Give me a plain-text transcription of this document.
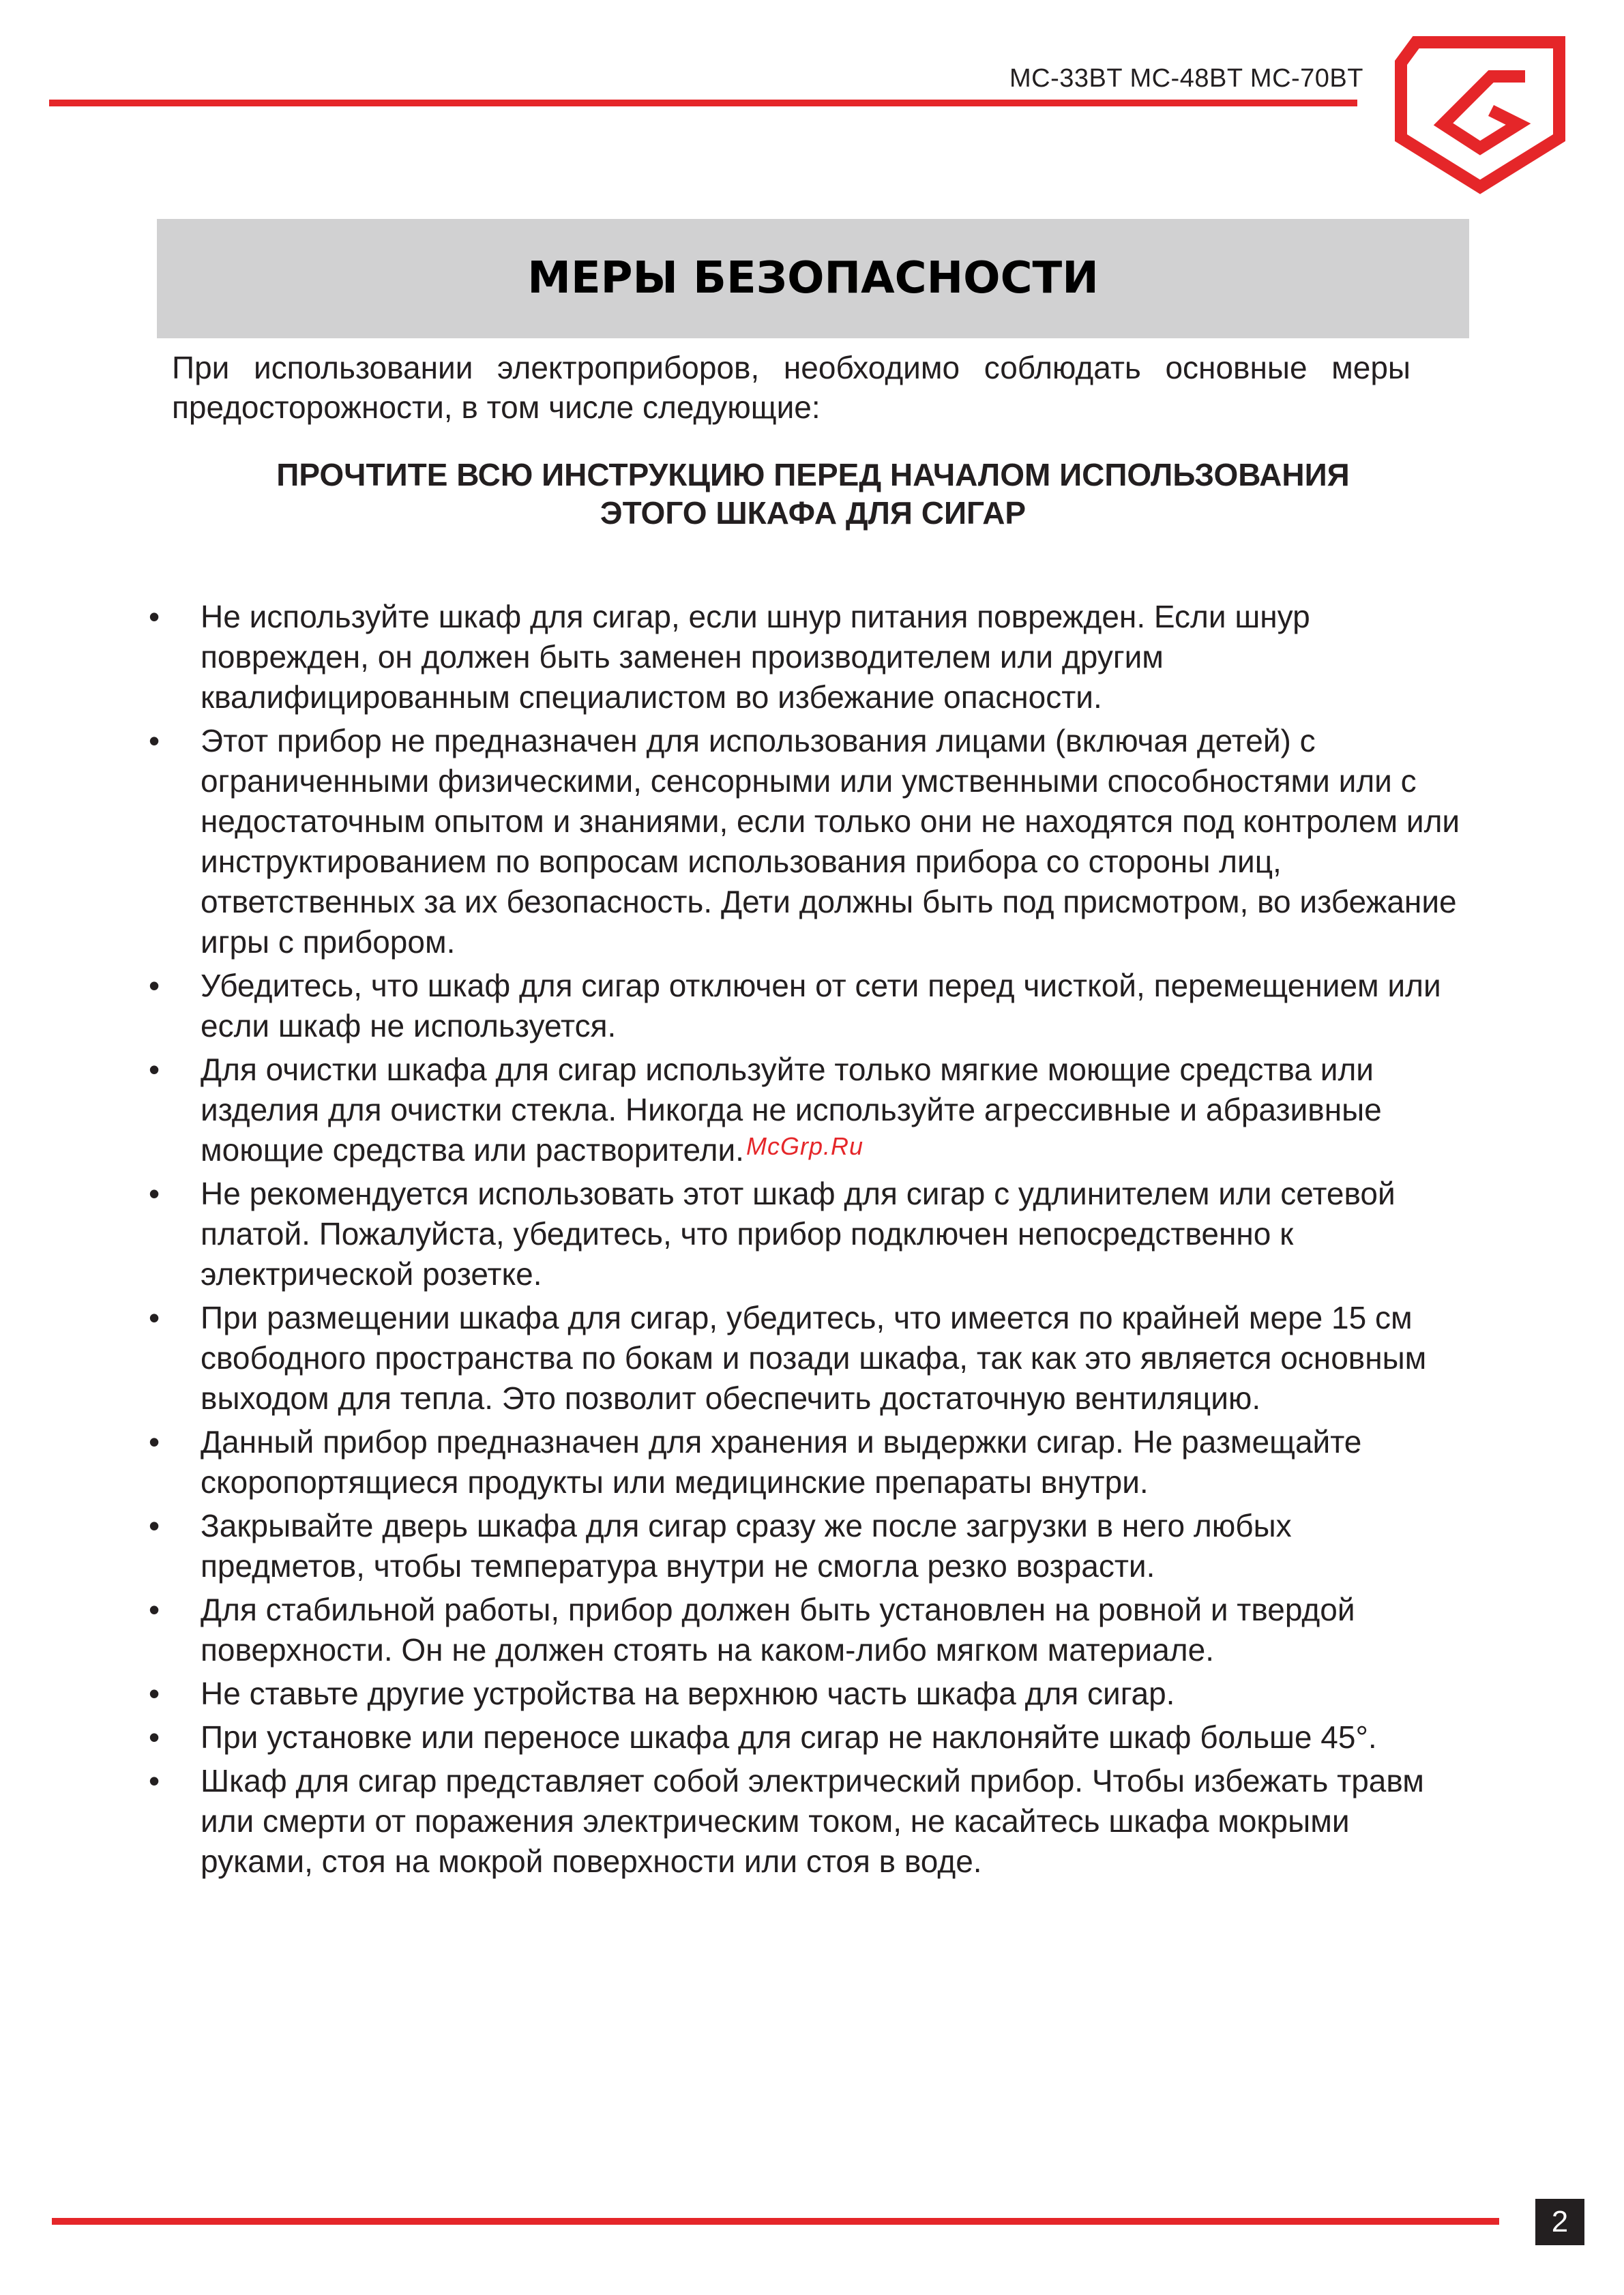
MC-33BT MC-48BT MC-70BT
МЕРЫ БЕЗОПАСНОСТИ
При использовании электроприборов, необходимо соблюдать основные меры предосторожности, в том числе следующие:
ПРОЧТИТЕ ВСЮ ИНСТРУКЦИЮ ПЕРЕД НАЧАЛОМ ИСПОЛЬЗОВАНИЯ
ЭТОГО ШКАФА ДЛЯ СИГАР
• Не используйте шкаф для сигар, если шнур питания поврежден. Если шнур поврежден, он должен быть заменен производителем или другим квалифицированным специалистом во избежание опасности.
• Этот прибор не предназначен для использования лицами (включая детей) с ограниченными физическими, сенсорными или умственными способностями или с недостаточным опытом и знаниями, если только они не находятся под контролем или инструктированием по вопросам использования прибора со стороны лиц, ответственных за их безопасность. Дети должны быть под присмотром, во избежание игры с прибором.
• Убедитесь, что шкаф для сигар отключен от сети перед чисткой, перемещением или если шкаф не используется.
• Для очистки шкафа для сигар используйте только мягкие моющие средства или изделия для очистки стекла. Никогда не используйте агрессивные и абразивные моющие средства или растворители.
• Не рекомендуется использовать этот шкаф для сигар с удлинителем или сетевой платой. Пожалуйста, убедитесь, что прибор подключен непосредственно к электрической розетке.
• При размещении шкафа для сигар, убедитесь, что имеется по крайней мере 15 см свободного пространства по бокам и позади шкафа, так как это является основным выходом для тепла. Это позволит обеспечить достаточную вентиляцию.
• Данный прибор предназначен для хранения и выдержки сигар. Не размещайте скоропортящиеся продукты или медицинские препараты внутри.
• Закрывайте дверь шкафа для сигар сразу же после загрузки в него любых предметов, чтобы температура внутри не смогла резко возрасти.
• Для стабильной работы, прибор должен быть установлен на ровной и твердой поверхности. Он не должен стоять на каком-либо мягком материале.
• Не ставьте другие устройства на верхнюю часть шкафа для сигар.
• При установке или переносе шкафа для сигар не наклоняйте шкаф больше 45°.
• Шкаф для сигар представляет собой электрический прибор. Чтобы избежать травм или смерти от поражения электрическим током, не касайтесь шкафа мокрыми руками, стоя на мокрой поверхности или стоя в воде.
McGrp.Ru
2
